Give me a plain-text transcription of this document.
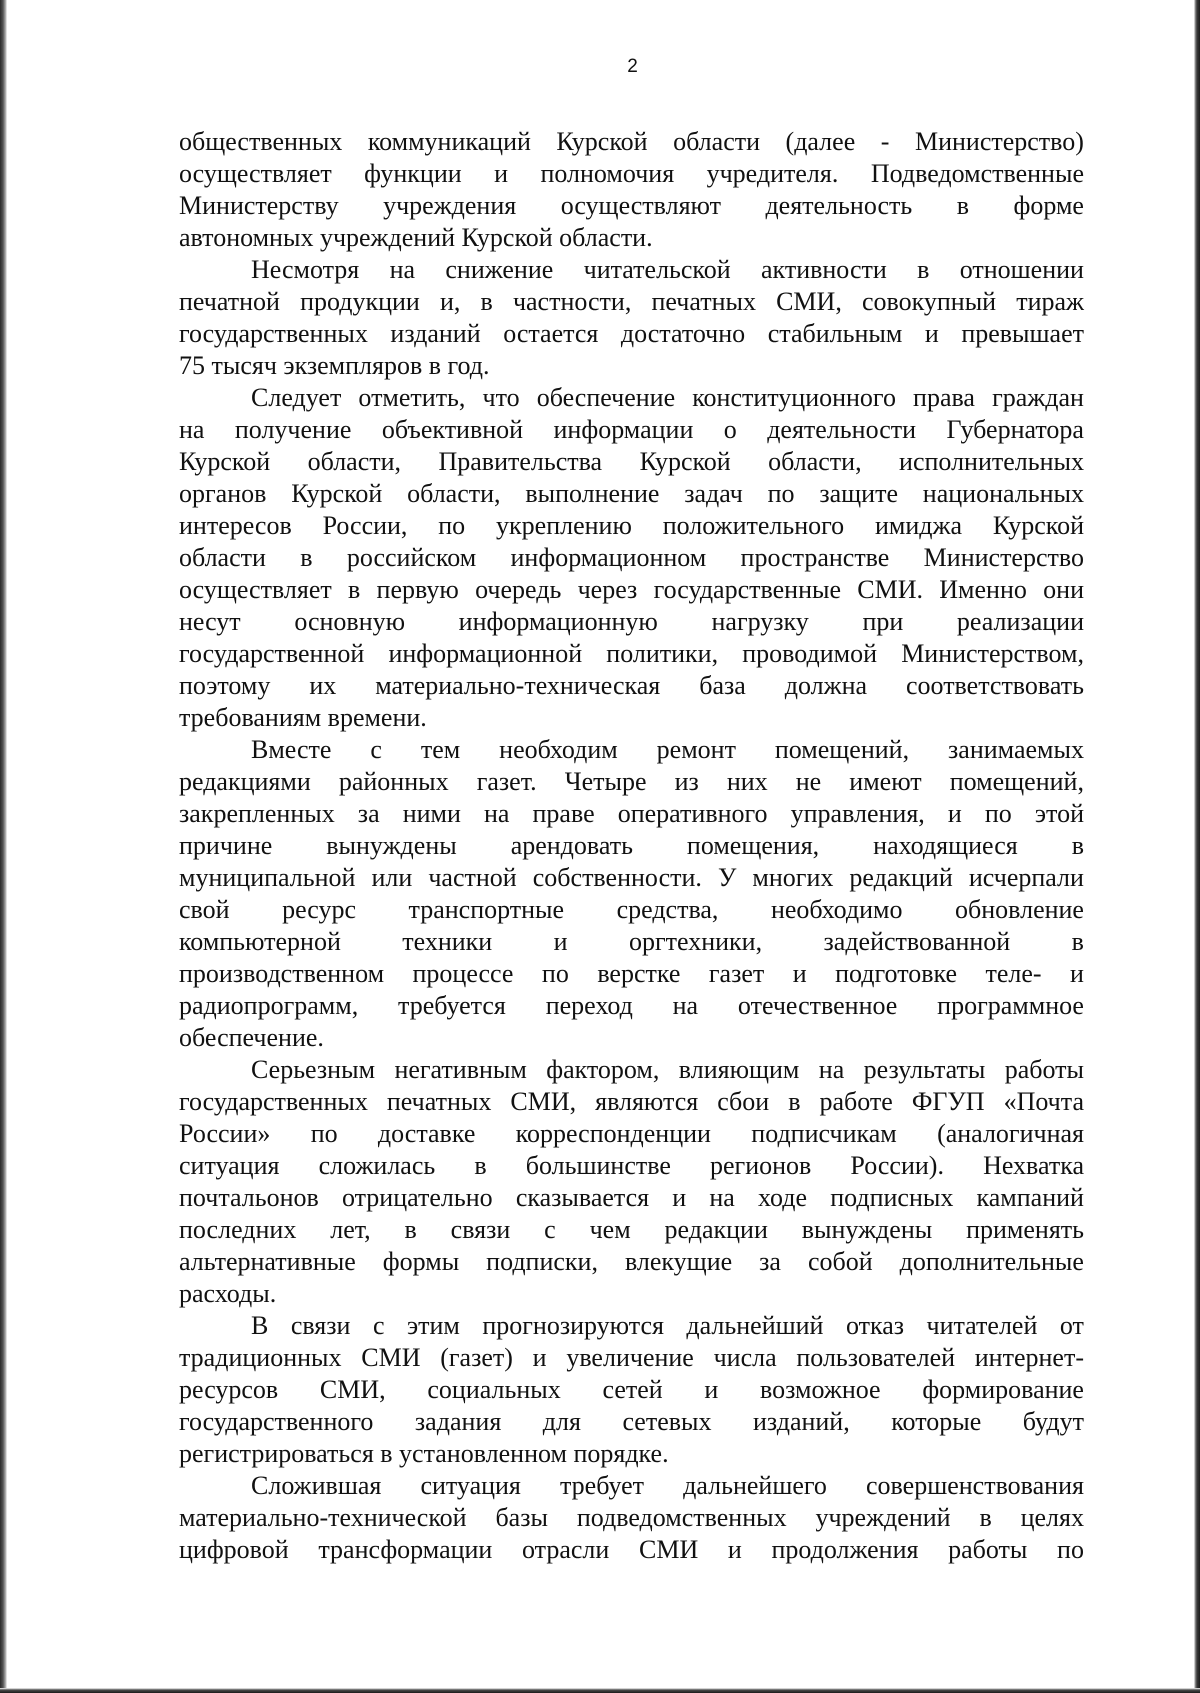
2
общественных коммуникаций Курской области (далее - Министерство)
осуществляет функции и полномочия учредителя. Подведомственные
Министерству учреждения осуществляют деятельность в форме
автономных учреждений Курской области.
Несмотря на снижение читательской активности в отношении
печатной продукции и, в частности, печатных СМИ, совокупный тираж
государственных изданий остается достаточно стабильным и превышает
75 тысяч экземпляров в год.
Следует отметить, что обеспечение конституционного права граждан
на получение объективной информации о деятельности Губернатора
Курской области, Правительства Курской области, исполнительных
органов Курской области, выполнение задач по защите национальных
интересов России, по укреплению положительного имиджа Курской
области в российском информационном пространстве Министерство
осуществляет в первую очередь через государственные СМИ. Именно они
несут основную информационную нагрузку при реализации
государственной информационной политики, проводимой Министерством,
поэтому их материально-техническая база должна соответствовать
требованиям времени.
Вместе с тем необходим ремонт помещений, занимаемых
редакциями районных газет. Четыре из них не имеют помещений,
закрепленных за ними на праве оперативного управления, и по этой
причине вынуждены арендовать помещения, находящиеся в
муниципальной или частной собственности. У многих редакций исчерпали
свой ресурс транспортные средства, необходимо обновление
компьютерной техники и оргтехники, задействованной в
производственном процессе по верстке газет и подготовке теле- и
радиопрограмм, требуется переход на отечественное программное
обеспечение.
Серьезным негативным фактором, влияющим на результаты работы
государственных печатных СМИ, являются сбои в работе ФГУП «Почта
России» по доставке корреспонденции подписчикам (аналогичная
ситуация сложилась в большинстве регионов России). Нехватка
почтальонов отрицательно сказывается и на ходе подписных кампаний
последних лет, в связи с чем редакции вынуждены применять
альтернативные формы подписки, влекущие за собой дополнительные
расходы.
В связи с этим прогнозируются дальнейший отказ читателей от
традиционных СМИ (газет) и увеличение числа пользователей интернет-
ресурсов СМИ, социальных сетей и возможное формирование
государственного задания для сетевых изданий, которые будут
регистрироваться в установленном порядке.
Сложившая ситуация требует дальнейшего совершенствования
материально-технической базы подведомственных учреждений в целях
цифровой трансформации отрасли СМИ и продолжения работы по
